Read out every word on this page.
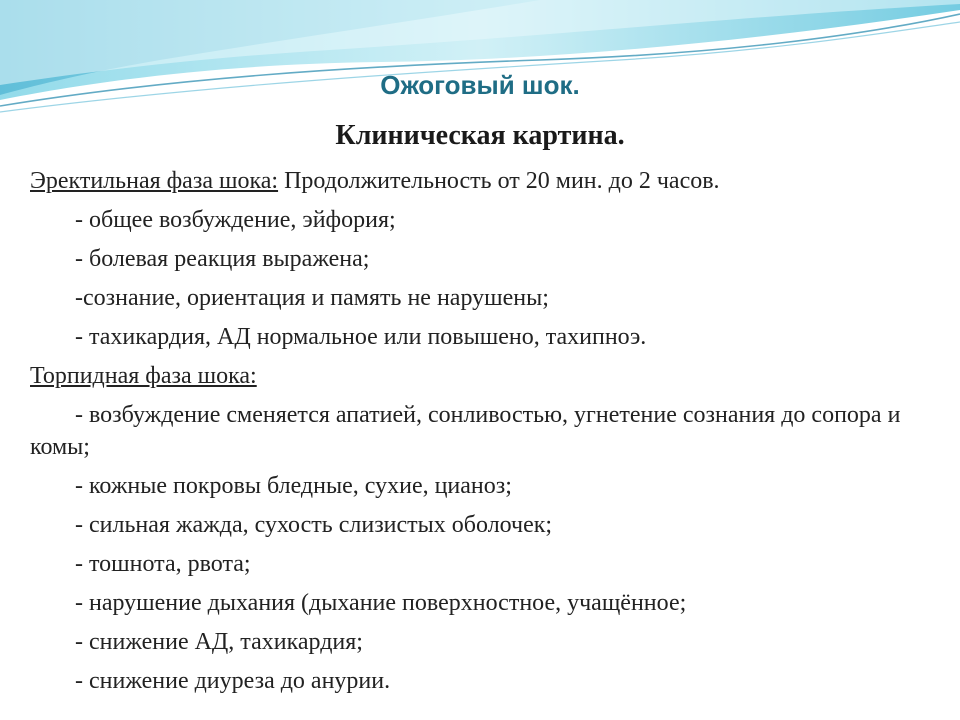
Ожоговый шок.
Клиническая картина.
Эректильная фаза шока: Продолжительность от 20 мин. до 2 часов.
- общее возбуждение, эйфория;
- болевая реакция выражена;
-сознание, ориентация и память не нарушены;
- тахикардия, АД нормальное или повышено, тахипноэ.
Торпидная фаза шока:
- возбуждение сменяется апатией, сонливостью, угнетение сознания до сопора и комы;
- кожные покровы бледные, сухие, цианоз;
- сильная жажда, сухость слизистых оболочек;
- тошнота, рвота;
- нарушение дыхания (дыхание поверхностное, учащённое;
- снижение АД, тахикардия;
- снижение диуреза до анурии.
